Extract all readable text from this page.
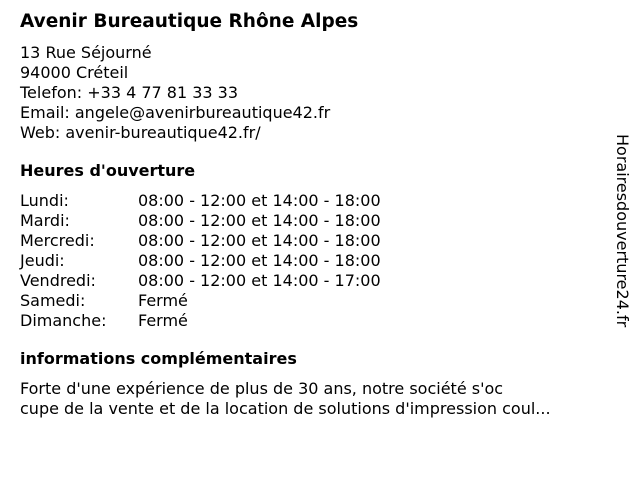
Avenir Bureautique Rhône Alpes
13 Rue Séjourné
94000 Créteil
Telefon: +33 4 77 81 33 33
Email: angele@avenirbureautique42.fr
Web: avenir-bureautique42.fr/
Heures d'ouverture
Lundi:	08:00 - 12:00 et 14:00 - 18:00
Mardi:	08:00 - 12:00 et 14:00 - 18:00
Mercredi:	08:00 - 12:00 et 14:00 - 18:00
Jeudi:	08:00 - 12:00 et 14:00 - 18:00
Vendredi:	08:00 - 12:00 et 14:00 - 17:00
Samedi:	Fermé
Dimanche:	Fermé
informations complémentaires
Forte d'une expérience de plus de 30 ans, notre société s'oc
cupe de la vente et de la location de solutions d'impression coul...
Horairesdouverture24.fr
